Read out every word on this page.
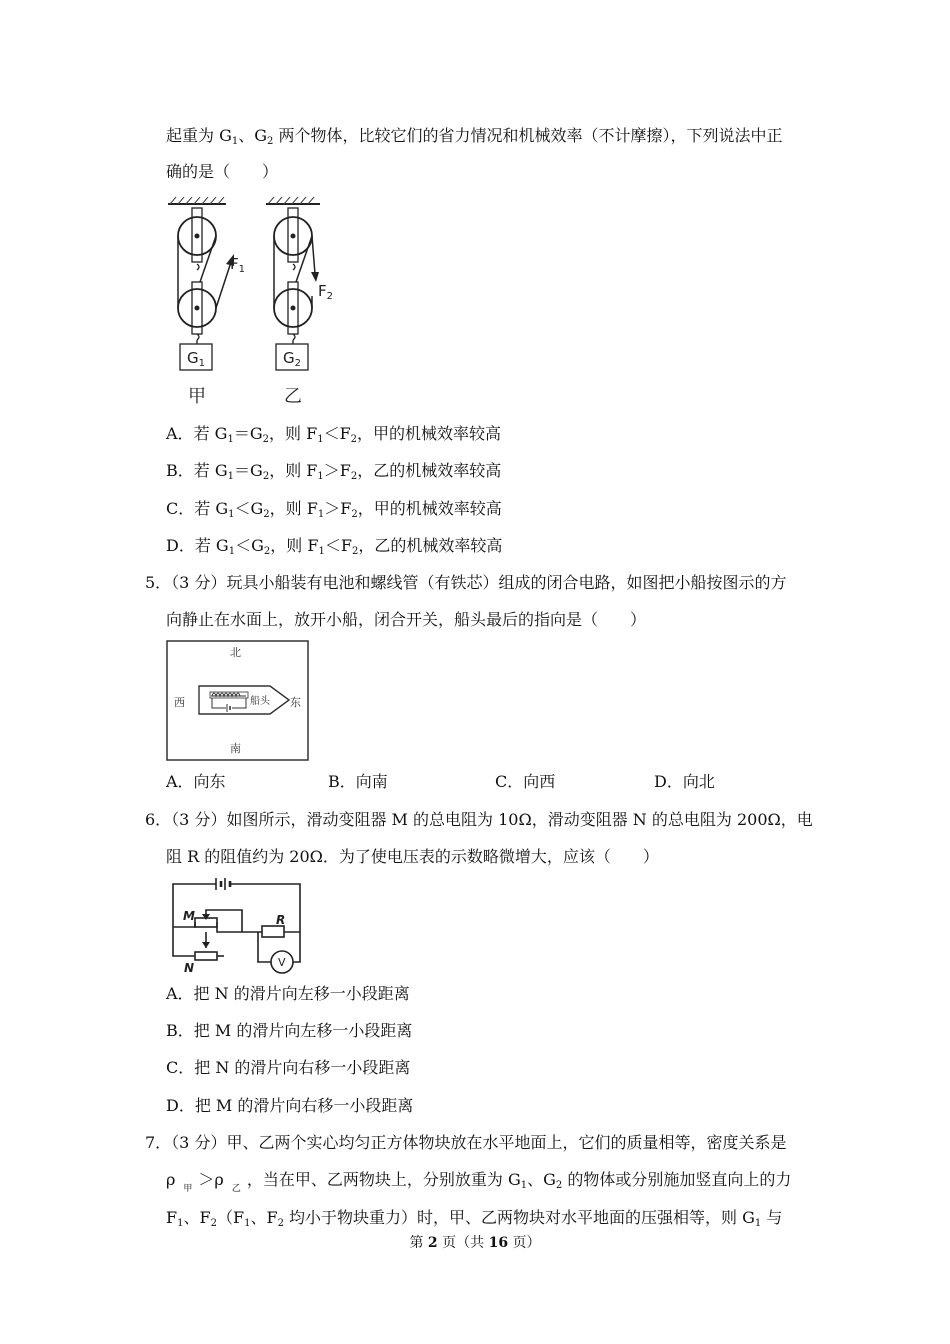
起重为 $G_1$、$G_2$ 两个物体，比较它们的省力情况和机械效率（不计摩擦），下列说法中正
确的是（　　）
$G_1$
$F_1$
甲
$G_2$
$F_2$
乙
A．若 $G_1=G_2$，则 $F_1<F_2$，甲的机械效率较高
B．若 $G_1=G_2$，则 $F_1>F_2$，乙的机械效率较高
C．若 $G_1<G_2$，则 $F_1>F_2$，甲的机械效率较高
D．若 $G_1<G_2$，则 $F_1<F_2$，乙的机械效率较高
5．（3 分）玩具小船装有电池和螺线管（有铁芯）组成的闭合电路，如图把小船按图示的方
向静止在水面上，放开小船，闭合开关，船头最后的指向是（　　）
北
南
西	东
船头
A．向东	B．向南	C．向西	D．向北
6．（3 分）如图所示，滑动变阻器 M 的总电阻为 10Ω，滑动变阻器 N 的总电阻为 200Ω，电
阻 R 的阻值约为 20Ω．为了使电压表的示数略微增大，应该（　　）
M
N
R
V
A．把 N 的滑片向左移一小段距离
B．把 M 的滑片向左移一小段距离
C．把 N 的滑片向右移一小段距离
D．把 M 的滑片向右移一小段距离
7．（3 分）甲、乙两个实心均匀正方体物块放在水平地面上，它们的质量相等，密度关系是
ρ $_甲$ ＞ρ $_乙$ ，当在甲、乙两物块上，分别放重为 $G_1$、$G_2$ 的物体或分别施加竖直向上的力
$F_1$、$F_2(F_1$、$F_2$ 均小于物块重力）时，甲、乙两物块对水平地面的压强相等，则 $G_1$ 与
第 2 页（共 16 页）
